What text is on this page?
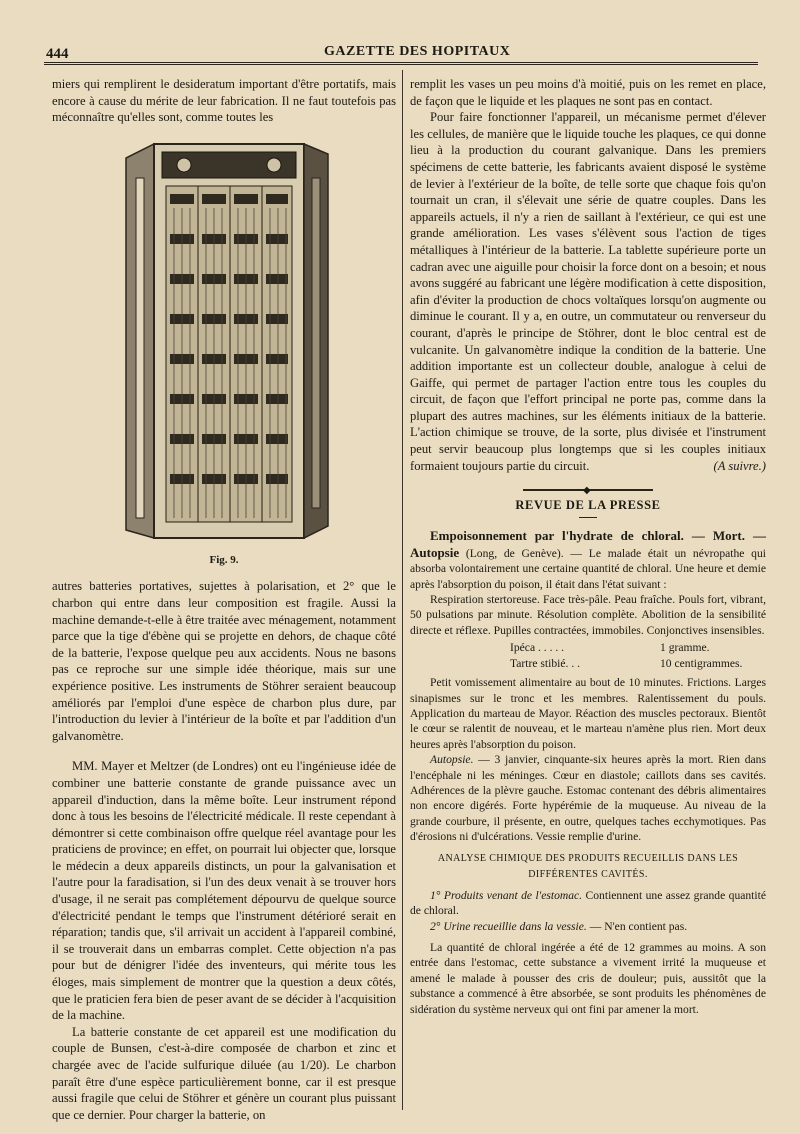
444	GAZETTE DES HOPITAUX

miers qui remplirent le desideratum important d'être portatifs, mais encore à cause du mérite de leur fabrication. Il ne faut toutefois pas méconnaître qu'elles sont, comme toutes les

Fig. 9.

autres batteries portatives, sujettes à polarisation, et 2° que le charbon qui entre dans leur composition est fragile. Aussi la machine demande-t-elle à être traitée avec ménagement, notamment parce que la tige d'ébène qui se projette en dehors, de chaque côté de la batterie, l'expose quelque peu aux accidents. Nous ne basons pas ce reproche sur une simple idée théorique, mais sur une expérience positive. Les instruments de Stöhrer seraient beaucoup améliorés par l'emploi d'une espèce de charbon plus dure, par l'introduction du levier à l'intérieur de la boîte et par l'addition d'un galvanomètre.

MM. Mayer et Meltzer (de Londres) ont eu l'ingénieuse idée de combiner une batterie constante de grande puissance avec un appareil d'induction, dans la même boîte. Leur instrument répond donc à tous les besoins de l'électricité médicale. Il reste cependant à démontrer si cette combinaison offre quelque réel avantage pour les praticiens de province; en effet, on pourrait lui objecter que, lorsque le médecin a deux appareils distincts, un pour la galvanisation et l'autre pour la faradisation, si l'un des deux venait à se trouver hors d'usage, il ne serait pas complétement dépourvu de quelque source d'électricité pendant le temps que l'instrument détérioré serait en réparation; tandis que, s'il arrivait un accident à l'appareil combiné, il se trouverait dans un embarras complet. Cette objection n'a pas pour but de dénigrer l'idée des inventeurs, qui mérite tous les éloges, mais simplement de montrer que la question a deux côtés, que le praticien fera bien de peser avant de se décider à l'acquisition de la machine.

La batterie constante de cet appareil est une modification du couple de Bunsen, c'est-à-dire composée de charbon et zinc et chargée avec de l'acide sulfurique diluée (au 1/20). Le charbon paraît être d'une espèce particulièrement bonne, car il est presque aussi fragile que celui de Stöhrer et génère un courant plus puissant que ce dernier. Pour charger la batterie, on

remplit les vases un peu moins d'à moitié, puis on les remet en place, de façon que le liquide et les plaques ne sont pas en contact.

Pour faire fonctionner l'appareil, un mécanisme permet d'élever les cellules, de manière que le liquide touche les plaques, ce qui donne lieu à la production du courant galvanique. Dans les premiers spécimens de cette batterie, les fabricants avaient disposé le système de levier à l'extérieur de la boîte, de telle sorte que chaque fois qu'on tournait un cran, il s'élevait une série de quatre couples. Dans les appareils actuels, il n'y a rien de saillant à l'extérieur, ce qui est une grande amélioration. Les vases s'élèvent sous l'action de tiges métalliques à l'intérieur de la batterie. La tablette supérieure porte un cadran avec une aiguille pour choisir la force dont on a besoin; et nous avons suggéré au fabricant une légère modification à cette disposition, afin d'éviter la production de chocs voltaïques lorsqu'on augmente ou diminue le courant. Il y a, en outre, un commutateur ou renverseur du courant, d'après le principe de Stöhrer, dont le bloc central est de vulcanite. Un galvanomètre indique la condition de la batterie. Une addition importante est un collecteur double, analogue à celui de Gaiffe, qui permet de partager l'action entre tous les couples du circuit, de façon que l'effort principal ne porte pas, comme dans la plupart des autres machines, sur les éléments initiaux de la batterie. L'action chimique se trouve, de la sorte, plus divisée et l'instrument peut servir beaucoup plus longtemps que si les couples initiaux formaient toujours partie du circuit.	(A suivre.)
◆
REVUE DE LA PRESSE

Empoisonnement par l'hydrate de chloral. — Mort. — Autopsie (Long, de Genève). — Le malade était un névropathe qui absorba volontairement une certaine quantité de chloral. Une heure et demie après l'absorption du poison, il était dans l'état suivant :

Respiration stertoreuse. Face très-pâle. Peau fraîche. Pouls fort, vibrant, 50 pulsations par minute. Résolution complète. Abolition de la sensibilité directe et réflexe. Pupilles contractées, immobiles. Conjonctives insensibles.

Ipéca . . . . .	1 gramme.
Tartre stibié. . .	10 centigrammes.

Petit vomissement alimentaire au bout de 10 minutes. Frictions. Larges sinapismes sur le tronc et les membres. Ralentissement du pouls. Application du marteau de Mayor. Réaction des muscles pectoraux. Bientôt le cœur se ralentit de nouveau, et le marteau n'amène plus rien. Mort deux heures après l'absorption du poison.

Autopsie. — 3 janvier, cinquante-six heures après la mort. Rien dans l'encéphale ni les méninges. Cœur en diastole; caillots dans ses cavités. Adhérences de la plèvre gauche. Estomac contenant des débris alimentaires non encore digérés. Forte hypérémie de la muqueuse. Au niveau de la grande courbure, il présente, en outre, quelques taches ecchymotiques. Pas d'érosions ni d'ulcérations. Vessie remplie d'urine.

ANALYSE CHIMIQUE DES PRODUITS RECUEILLIS DANS LES DIFFÉRENTES CAVITÉS.

1° Produits venant de l'estomac. Contiennent une assez grande quantité de chloral.

2° Urine recueillie dans la vessie. — N'en contient pas.

La quantité de chloral ingérée a été de 12 grammes au moins. A son entrée dans l'estomac, cette substance a vivement irrité la muqueuse et amené le malade à pousser des cris de douleur; puis, aussitôt que la substance a commencé à être absorbée, se sont produits les phénomènes de sidération du système nerveux qui ont fini par amener la mort.
